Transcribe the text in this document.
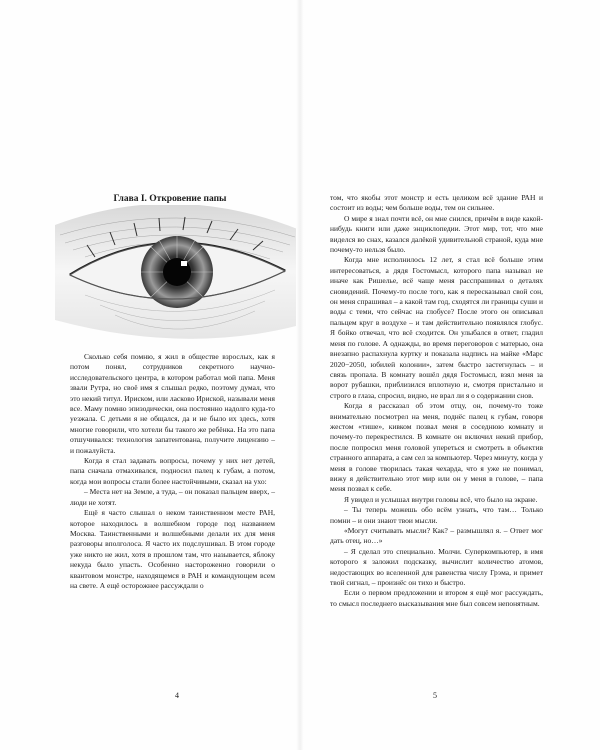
Глава I. Откровение папы

Сколько себя помню, я жил в обществе взрослых, как я потом понял, сотрудников секретного научно-исследовательского центра, в котором работал мой папа. Меня звали Рутра, но своё имя я слышал редко, поэтому думал, что это некий титул. Ириском, или ласково Ириской, называли меня все. Маму помню эпизодически, она постоянно надолго куда-то уезжала. С детьми я не общался, да и не было их здесь, хотя многие говорили, что хотели бы такого же ребёнка. На это папа отшучивался: технология запатентована, получите лицензию – и пожалуйста.

Когда я стал задавать вопросы, почему у них нет детей, папа сначала отмахивался, подносил палец к губам, а потом, когда мои вопросы стали более настойчивыми, сказал на ухо:

– Места нет на Земле, а туда, – он показал пальцем вверх, – люди не хотят.

Ещё я часто слышал о неком таинственном месте РАН, которое находилось в волшебном городе под названием Москва. Таинственными и волшебными делали их для меня разговоры вполголоса. Я часто их подслушивал. В этом городе уже никто не жил, хотя в прошлом там, что называется, яблоку некуда было упасть. Особенно настороженно говорили о квантовом монстре, находящемся в РАН и командующем всем на свете. А ещё осторожнее рассуждали о

4

том, что якобы этот монстр и есть целиком всё здание РАН и состоит из воды; чем больше воды, тем он сильнее.

О мире я знал почти всё, он мне снился, причём в виде какой-нибудь книги или даже энциклопедии. Этот мир, тот, что мне виделся во снах, казался далёкой удивительной страной, куда мне почему-то нельзя было.

Когда мне исполнилось 12 лет, я стал всё больше этим интересоваться, а дядя Гостомысл, которого папа называл не иначе как Ришелье, всё чаще меня расспрашивал о деталях сновидений. Почему-то после того, как я пересказывал свой сон, он меня спрашивал – а какой там год, сходятся ли границы суши и воды с теми, что сейчас на глобусе? После этого он описывал пальцем круг в воздухе – и там действительно появлялся глобус. Я бойко отвечал, что всё сходится. Он улыбался в ответ, гладил меня по голове. А однажды, во время переговоров с матерью, она внезапно распахнула куртку и показала надпись на майке «Марс 2020−2050, юбилей колонии», затем быстро застегнулась – и связь пропала. В комнату вошёл дядя Гостомысл, взял меня за ворот рубашки, приблизился вплотную и, смотря пристально и строго в глаза, спросил, видно, не врал ли я о содержании снов.

Когда я рассказал об этом отцу, он, почему-то тоже внимательно посмотрел на меня, поднёс палец к губам, говоря жестом «тише», кивком позвал меня в соседнюю комнату и почему-то перекрестился. В комнате он включил некий прибор, после попросил меня головой упереться и смотреть в объектив странного аппарата, а сам сел за компьютер. Через минуту, когда у меня в голове творилась такая чехарда, что я уже не понимал, вижу я действительно этот мир или он у меня в голове, – папа меня позвал к себе.

Я увидел и услышал внутри головы всё, что было на экране.

– Ты теперь можешь обо всём узнать, что там… Только помни – и они знают твои мысли.

«Могут считывать мысли? Как? – размышлял я. – Ответ мог дать отец, но…»

– Я сделал это специально. Молчи. Суперкомпьютер, в имя которого я заложил подсказку, вычислит количество атомов, недостающих во вселенной для равенства числу Грэма, и примет твой сигнал, – произнёс он тихо и быстро.

Если о первом предложении и втором я ещё мог рассуждать, то смысл последнего высказывания мне был совсем непонятным.

5
